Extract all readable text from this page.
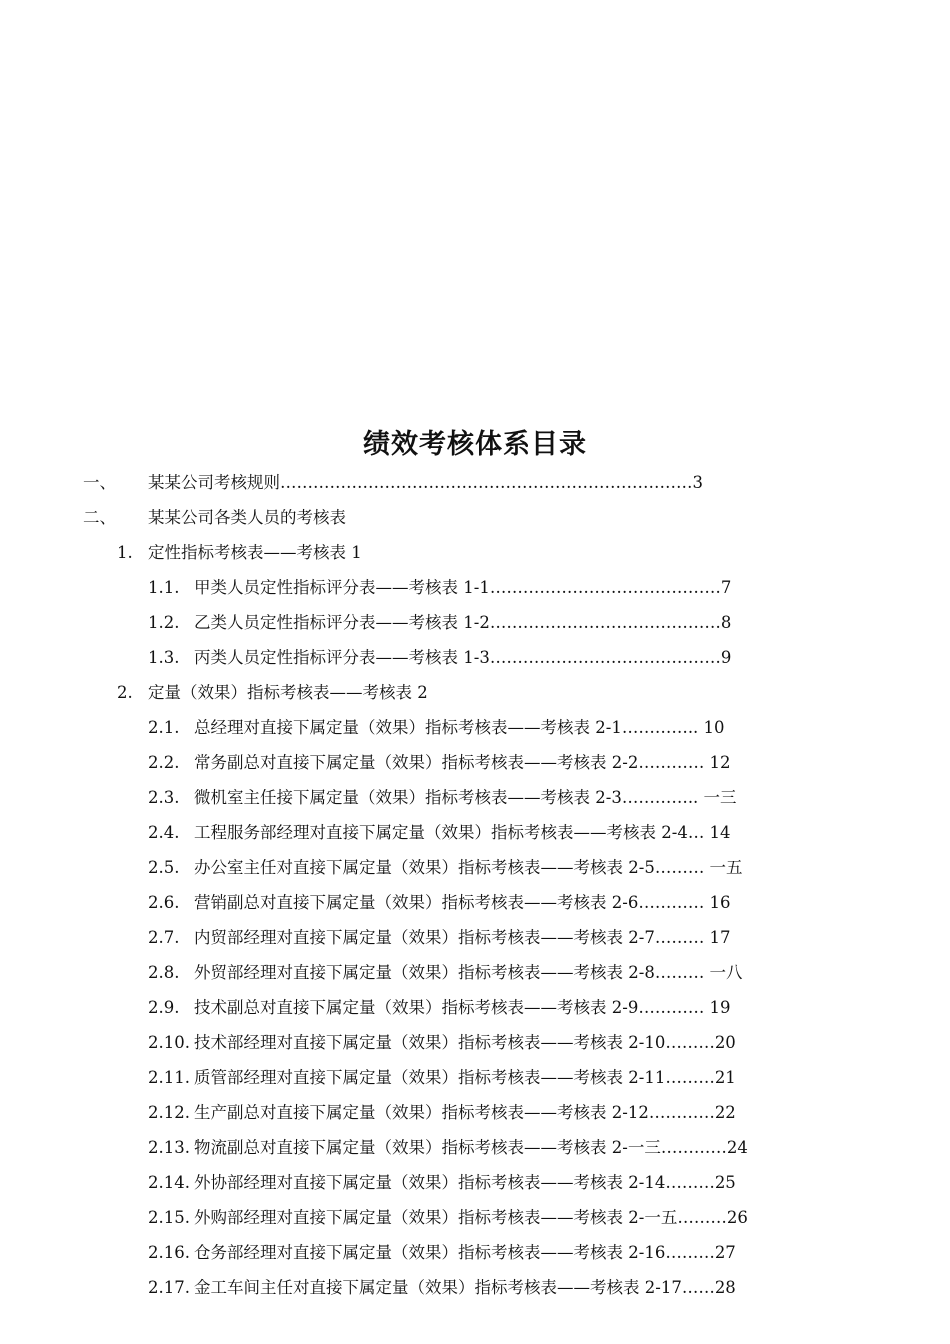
绩效考核体系目录
一、 某某公司考核规则…………………………………………………………………3
二、 某某公司各类人员的考核表
1. 定性指标考核表——考核表 1
1.1. 甲类人员定性指标评分表——考核表 1-1……………………………………7
1.2. 乙类人员定性指标评分表——考核表 1-2……………………………………8
1.3. 丙类人员定性指标评分表——考核表 1-3……………………………………9
2. 定量（效果）指标考核表——考核表 2
2.1. 总经理对直接下属定量（效果）指标考核表——考核表 2-1………….. 10
2.2. 常务副总对直接下属定量（效果）指标考核表——考核表 2-2………… 12
2.3. 微机室主任接下属定量（效果）指标考核表——考核表 2-3………….. 一三
2.4. 工程服务部经理对直接下属定量（效果）指标考核表——考核表 2-4… 14
2.5. 办公室主任对直接下属定量（效果）指标考核表——考核表 2-5……… 一五
2.6. 营销副总对直接下属定量（效果）指标考核表——考核表 2-6………… 16
2.7. 内贸部经理对直接下属定量（效果）指标考核表——考核表 2-7……… 17
2.8. 外贸部经理对直接下属定量（效果）指标考核表——考核表 2-8……… 一八
2.9. 技术副总对直接下属定量（效果）指标考核表——考核表 2-9………… 19
2.10. 技术部经理对直接下属定量（效果）指标考核表——考核表 2-10………20
2.11. 质管部经理对直接下属定量（效果）指标考核表——考核表 2-11………21
2.12. 生产副总对直接下属定量（效果）指标考核表——考核表 2-12…………22
2.13. 物流副总对直接下属定量（效果）指标考核表——考核表 2-一三…………24
2.14. 外协部经理对直接下属定量（效果）指标考核表——考核表 2-14………25
2.15. 外购部经理对直接下属定量（效果）指标考核表——考核表 2-一五………26
2.16. 仓务部经理对直接下属定量（效果）指标考核表——考核表 2-16………27
2.17. 金工车间主任对直接下属定量（效果）指标考核表——考核表 2-17……28
